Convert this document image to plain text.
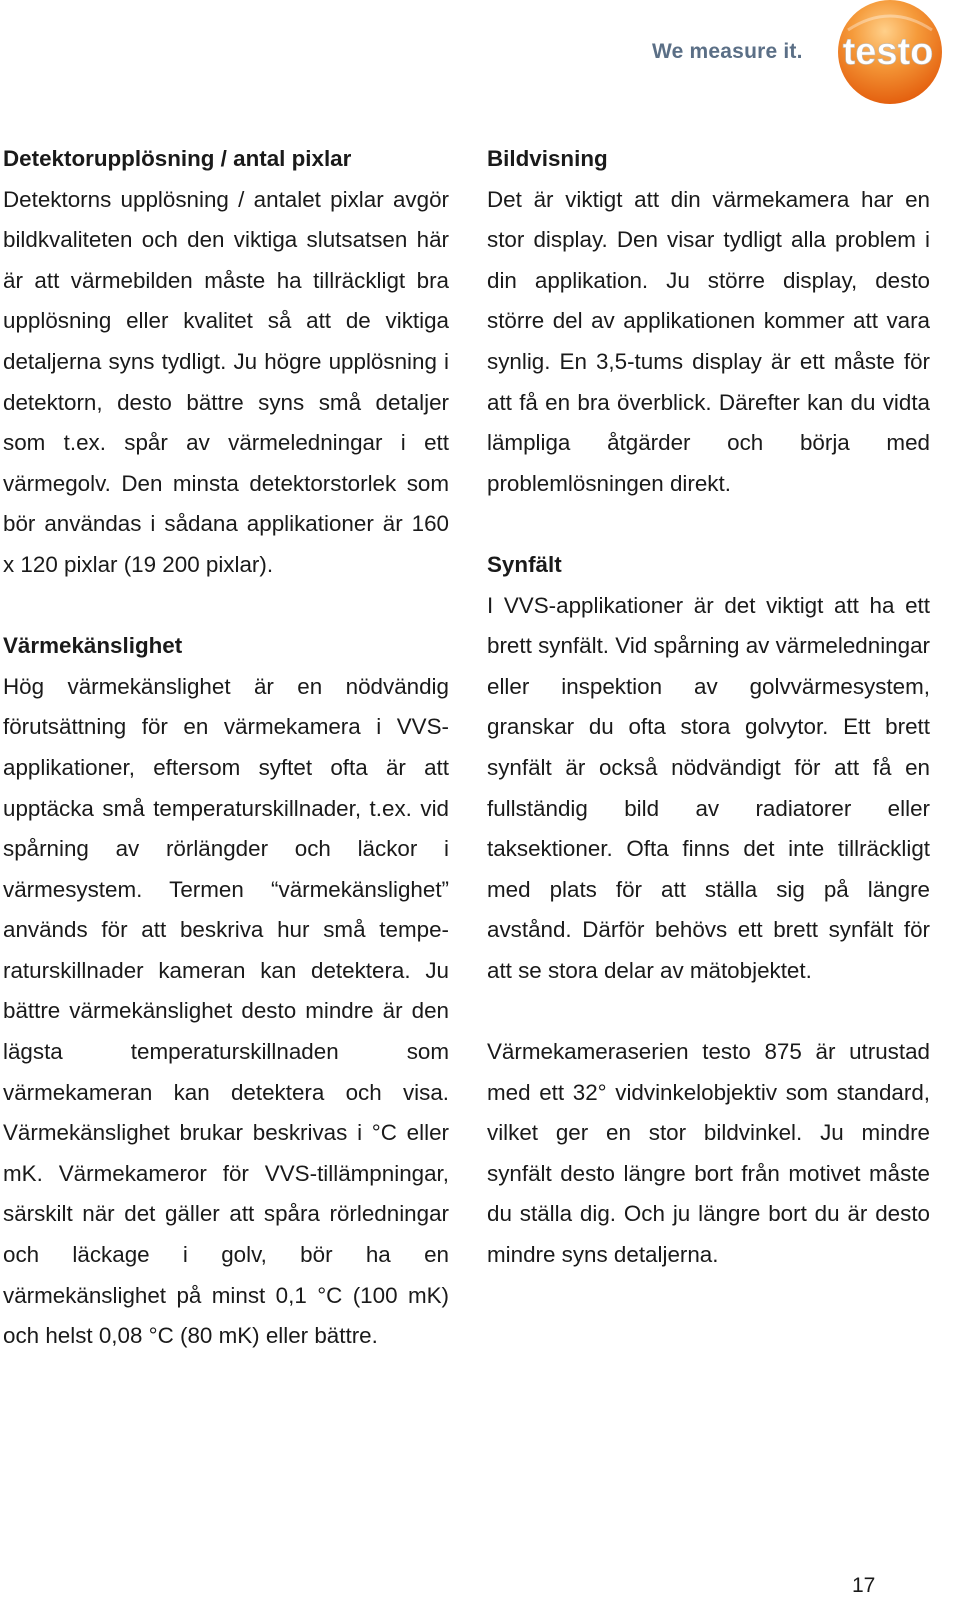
We measure it. testo
Detektorupplösning / antal pixlar

Detektorns upplösning / antalet pixlar avgör bildkvaliteten och den viktiga slutsatsen här är att värmebilden måste ha tillräckligt bra upplösning eller kvalitet så att de viktiga detaljerna syns tydligt. Ju högre upplösning i detektorn, desto bättre syns små detaljer som t.ex. spår av värmeledningar i ett värmegolv. Den minsta detektorstorlek som bör användas i sådana applikationer är 160 x 120 pixlar (19 200 pixlar).

Värmekänslighet

Hög värmekänslighet är en nödvändig förutsättning för en värmekamera i VVS-applikationer, eftersom syftet ofta är att upptäcka små temperaturskillnader, t.ex. vid spårning av rörlängder och läckor i värmesystem. Termen “värmekänslighet” används för att beskriva hur små temperaturskillnader kameran kan detektera. Ju bättre värmekänslighet desto mindre är den lägsta temperaturskillnaden som värmekameran kan detektera och visa. Värmekänslighet brukar beskrivas i °C eller mK. Värmekameror för VVS-tillämpningar, särskilt när det gäller att spåra rörledningar och läckage i golv, bör ha en värmekänslighet på minst 0,1 °C (100 mK) och helst 0,08 °C (80 mK) eller bättre.

Bildvisning

Det är viktigt att din värmekamera har en stor display. Den visar tydligt alla problem i din applikation. Ju större display, desto större del av applikationen kommer att vara synlig. En 3,5-tums display är ett måste för att få en bra överblick. Därefter kan du vidta lämpliga åtgärder och börja med problemlösningen direkt.

Synfält

I VVS-applikationer är det viktigt att ha ett brett synfält. Vid spårning av värmeledningar eller inspektion av golvvärmesystem, granskar du ofta stora golvytor. Ett brett synfält är också nödvändigt för att få en fullständig bild av radiatorer eller taksektioner. Ofta finns det inte tillräckligt med plats för att ställa sig på längre avstånd. Därför behövs ett brett synfält för att se stora delar av mätobjektet.

Värmekameraserien testo 875 är utrustad med ett 32° vidvinkelobjektiv som standard, vilket ger en stor bildvinkel. Ju mindre synfält desto längre bort från motivet måste du ställa dig. Och ju längre bort du är desto mindre syns detaljerna.

17
